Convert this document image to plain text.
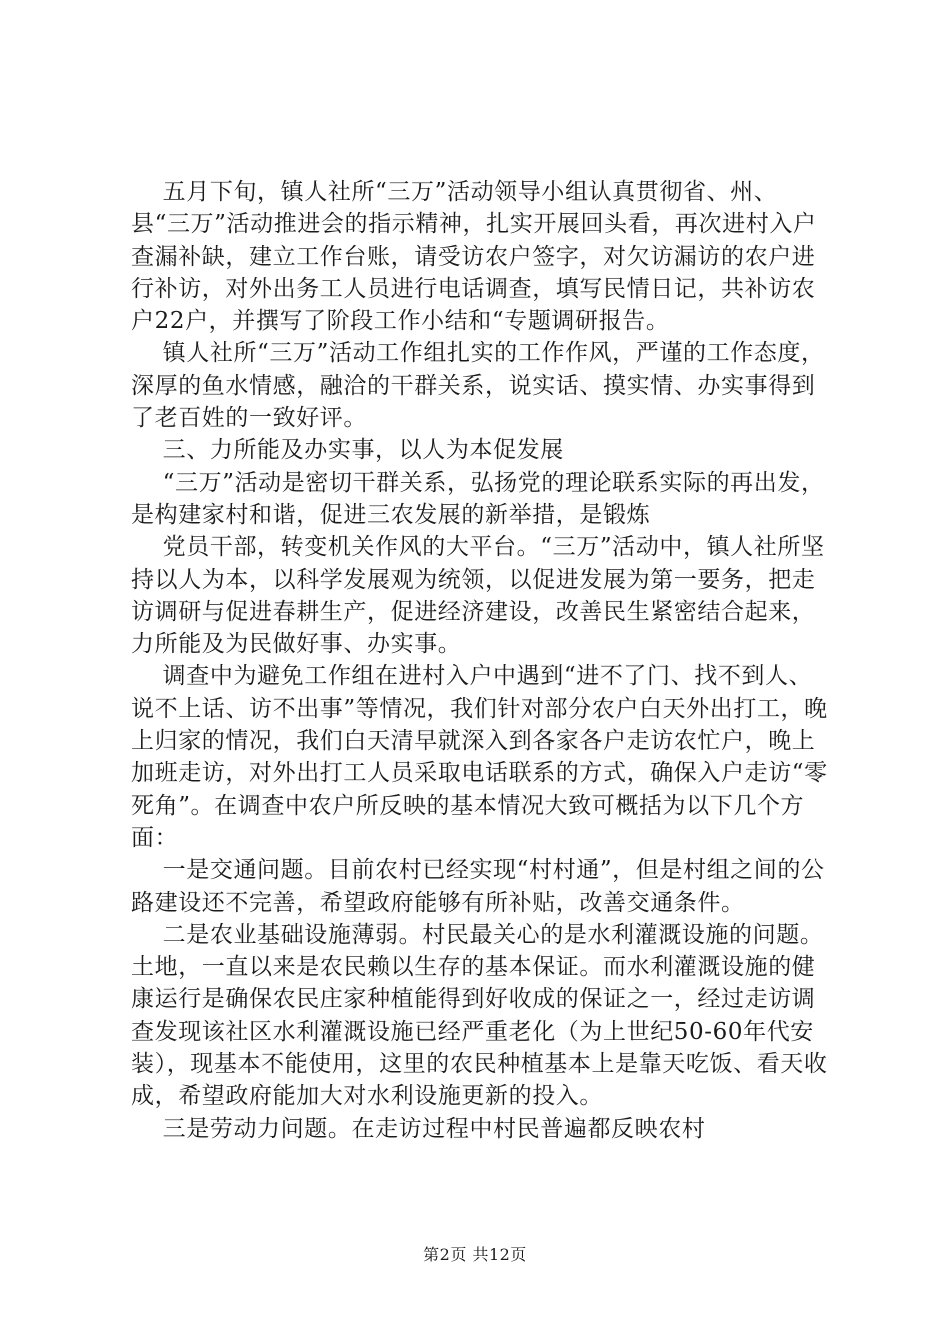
五月下旬，镇人社所“三万”活动领导小组认真贯彻省、州、县“三万”活动推进会的指示精神，扎实开展回头看，再次进村入户查漏补缺，建立工作台账，请受访农户签字，对欠访漏访的农户进行补访，对外出务工人员进行电话调查，填写民情日记，共补访农户22户，并撰写了阶段工作小结和“专题调研报告。

镇人社所“三万”活动工作组扎实的工作作风，严谨的工作态度，深厚的鱼水情感，融洽的干群关系，说实话、摸实情、办实事得到了老百姓的一致好评。

三、力所能及办实事，以人为本促发展

“三万”活动是密切干群关系，弘扬党的理论联系实际的再出发，是构建家村和谐，促进三农发展的新举措，是锻炼

党员干部，转变机关作风的大平台。“三万”活动中，镇人社所坚持以人为本，以科学发展观为统领，以促进发展为第一要务，把走访调研与促进春耕生产，促进经济建设，改善民生紧密结合起来，力所能及为民做好事、办实事。

调查中为避免工作组在进村入户中遇到“进不了门、找不到人、说不上话、访不出事”等情况，我们针对部分农户白天外出打工，晚上归家的情况，我们白天清早就深入到各家各户走访农忙户，晚上加班走访，对外出打工人员采取电话联系的方式，确保入户走访“零死角”。在调查中农户所反映的基本情况大致可概括为以下几个方面：

一是交通问题。目前农村已经实现“村村通”，但是村组之间的公路建设还不完善，希望政府能够有所补贴，改善交通条件。

二是农业基础设施薄弱。村民最关心的是水利灌溉设施的问题。土地，一直以来是农民赖以生存的基本保证。而水利灌溉设施的健康运行是确保农民庄家种植能得到好收成的保证之一，经过走访调查发现该社区水利灌溉设施已经严重老化（为上世纪50-60年代安装），现基本不能使用，这里的农民种植基本上是靠天吃饭、看天收成，希望政府能加大对水利设施更新的投入。

三是劳动力问题。在走访过程中村民普遍都反映农村

第2页 共12页
